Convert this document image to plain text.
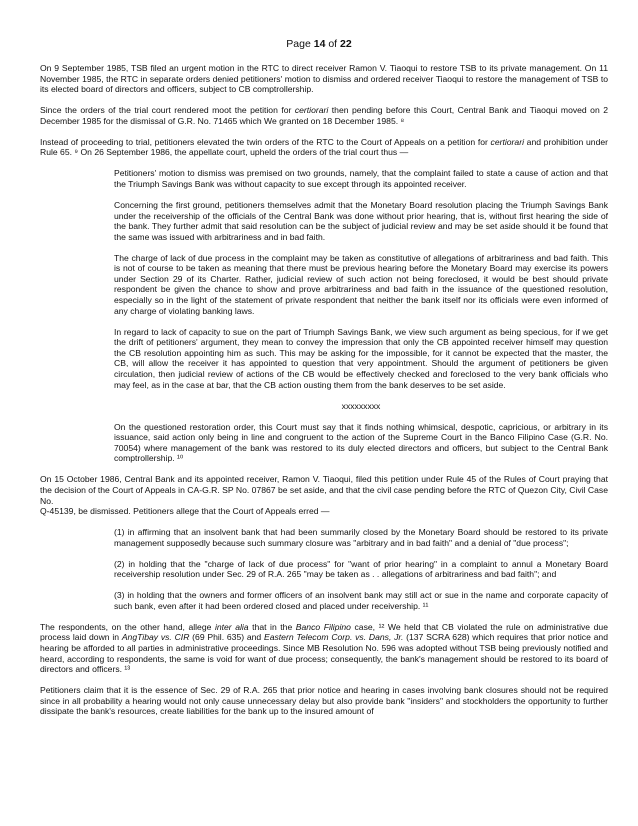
Page 14 of 22

On 9 September 1985, TSB filed an urgent motion in the RTC to direct receiver Ramon V. Tiaoqui to restore TSB to its private management. On 11 November 1985, the RTC in separate orders denied petitioners' motion to dismiss and ordered receiver Tiaoqui to restore the management of TSB to its elected board of directors and officers, subject to CB comptrollership.

Since the orders of the trial court rendered moot the petition for certiorari then pending before this Court, Central Bank and Tiaoqui moved on 2 December 1985 for the dismissal of G.R. No. 71465 which We granted on 18 December 1985. ⁸

Instead of proceeding to trial, petitioners elevated the twin orders of the RTC to the Court of Appeals on a petition for certiorari and prohibition under Rule 65. ⁹ On 26 September 1986, the appellate court, upheld the orders of the trial court thus —

Petitioners' motion to dismiss was premised on two grounds, namely, that the complaint failed to state a cause of action and that the Triumph Savings Bank was without capacity to sue except through its appointed receiver.

Concerning the first ground, petitioners themselves admit that the Monetary Board resolution placing the Triumph Savings Bank under the receivership of the officials of the Central Bank was done without prior hearing, that is, without first hearing the side of the bank. They further admit that said resolution can be the subject of judicial review and may be set aside should it be found that the same was issued with arbitrariness and in bad faith.

The charge of lack of due process in the complaint may be taken as constitutive of allegations of arbitrariness and bad faith. This is not of course to be taken as meaning that there must be previous hearing before the Monetary Board may exercise its powers under Section 29 of its Charter. Rather, judicial review of such action not being foreclosed, it would be best should private respondent be given the chance to show and prove arbitrariness and bad faith in the issuance of the questioned resolution, especially so in the light of the statement of private respondent that neither the bank itself nor its officials were even informed of any charge of violating banking laws.

In regard to lack of capacity to sue on the part of Triumph Savings Bank, we view such argument as being specious, for if we get the drift of petitioners' argument, they mean to convey the impression that only the CB appointed receiver himself may question the CB resolution appointing him as such. This may be asking for the impossible, for it cannot be expected that the master, the CB, will allow the receiver it has appointed to question that very appointment. Should the argument of petitioners be given circulation, then judicial review of actions of the CB would be effectively checked and foreclosed to the very bank officials who may feel, as in the case at bar, that the CB action ousting them from the bank deserves to be set aside.

xxxxxxxxx

On the questioned restoration order, this Court must say that it finds nothing whimsical, despotic, capricious, or arbitrary in its issuance, said action only being in line and congruent to the action of the Supreme Court in the Banco Filipino Case (G.R. No. 70054) where management of the bank was restored to its duly elected directors and officers, but subject to the Central Bank comptrollership. ¹⁰

On 15 October 1986, Central Bank and its appointed receiver, Ramon V. Tiaoqui, filed this petition under Rule 45 of the Rules of Court praying that the decision of the Court of Appeals in CA-G.R. SP No. 07867 be set aside, and that the civil case pending before the RTC of Quezon City, Civil Case No.
Q-45139, be dismissed. Petitioners allege that the Court of Appeals erred —

(1) in affirming that an insolvent bank that had been summarily closed by the Monetary Board should be restored to its private management supposedly because such summary closure was "arbitrary and in bad faith" and a denial of "due process";

(2) in holding that the "charge of lack of due process" for "want of prior hearing" in a complaint to annul a Monetary Board receivership resolution under Sec. 29 of R.A. 265 "may be taken as . . allegations of arbitrariness and bad faith"; and

(3) in holding that the owners and former officers of an insolvent bank may still act or sue in the name and corporate capacity of such bank, even after it had been ordered closed and placed under receivership. ¹¹

The respondents, on the other hand, allege inter alia that in the Banco Filipino case, ¹² We held that CB violated the rule on administrative due process laid down in AngTibay vs. CIR (69 Phil. 635) and Eastern Telecom Corp. vs. Dans, Jr. (137 SCRA 628) which requires that prior notice and hearing be afforded to all parties in administrative proceedings. Since MB Resolution No. 596 was adopted without TSB being previously notified and heard, according to respondents, the same is void for want of due process; consequently, the bank's management should be restored to its board of directors and officers. ¹³

Petitioners claim that it is the essence of Sec. 29 of R.A. 265 that prior notice and hearing in cases involving bank closures should not be required since in all probability a hearing would not only cause unnecessary delay but also provide bank "insiders" and stockholders the opportunity to further dissipate the bank's resources, create liabilities for the bank up to the insured amount of
